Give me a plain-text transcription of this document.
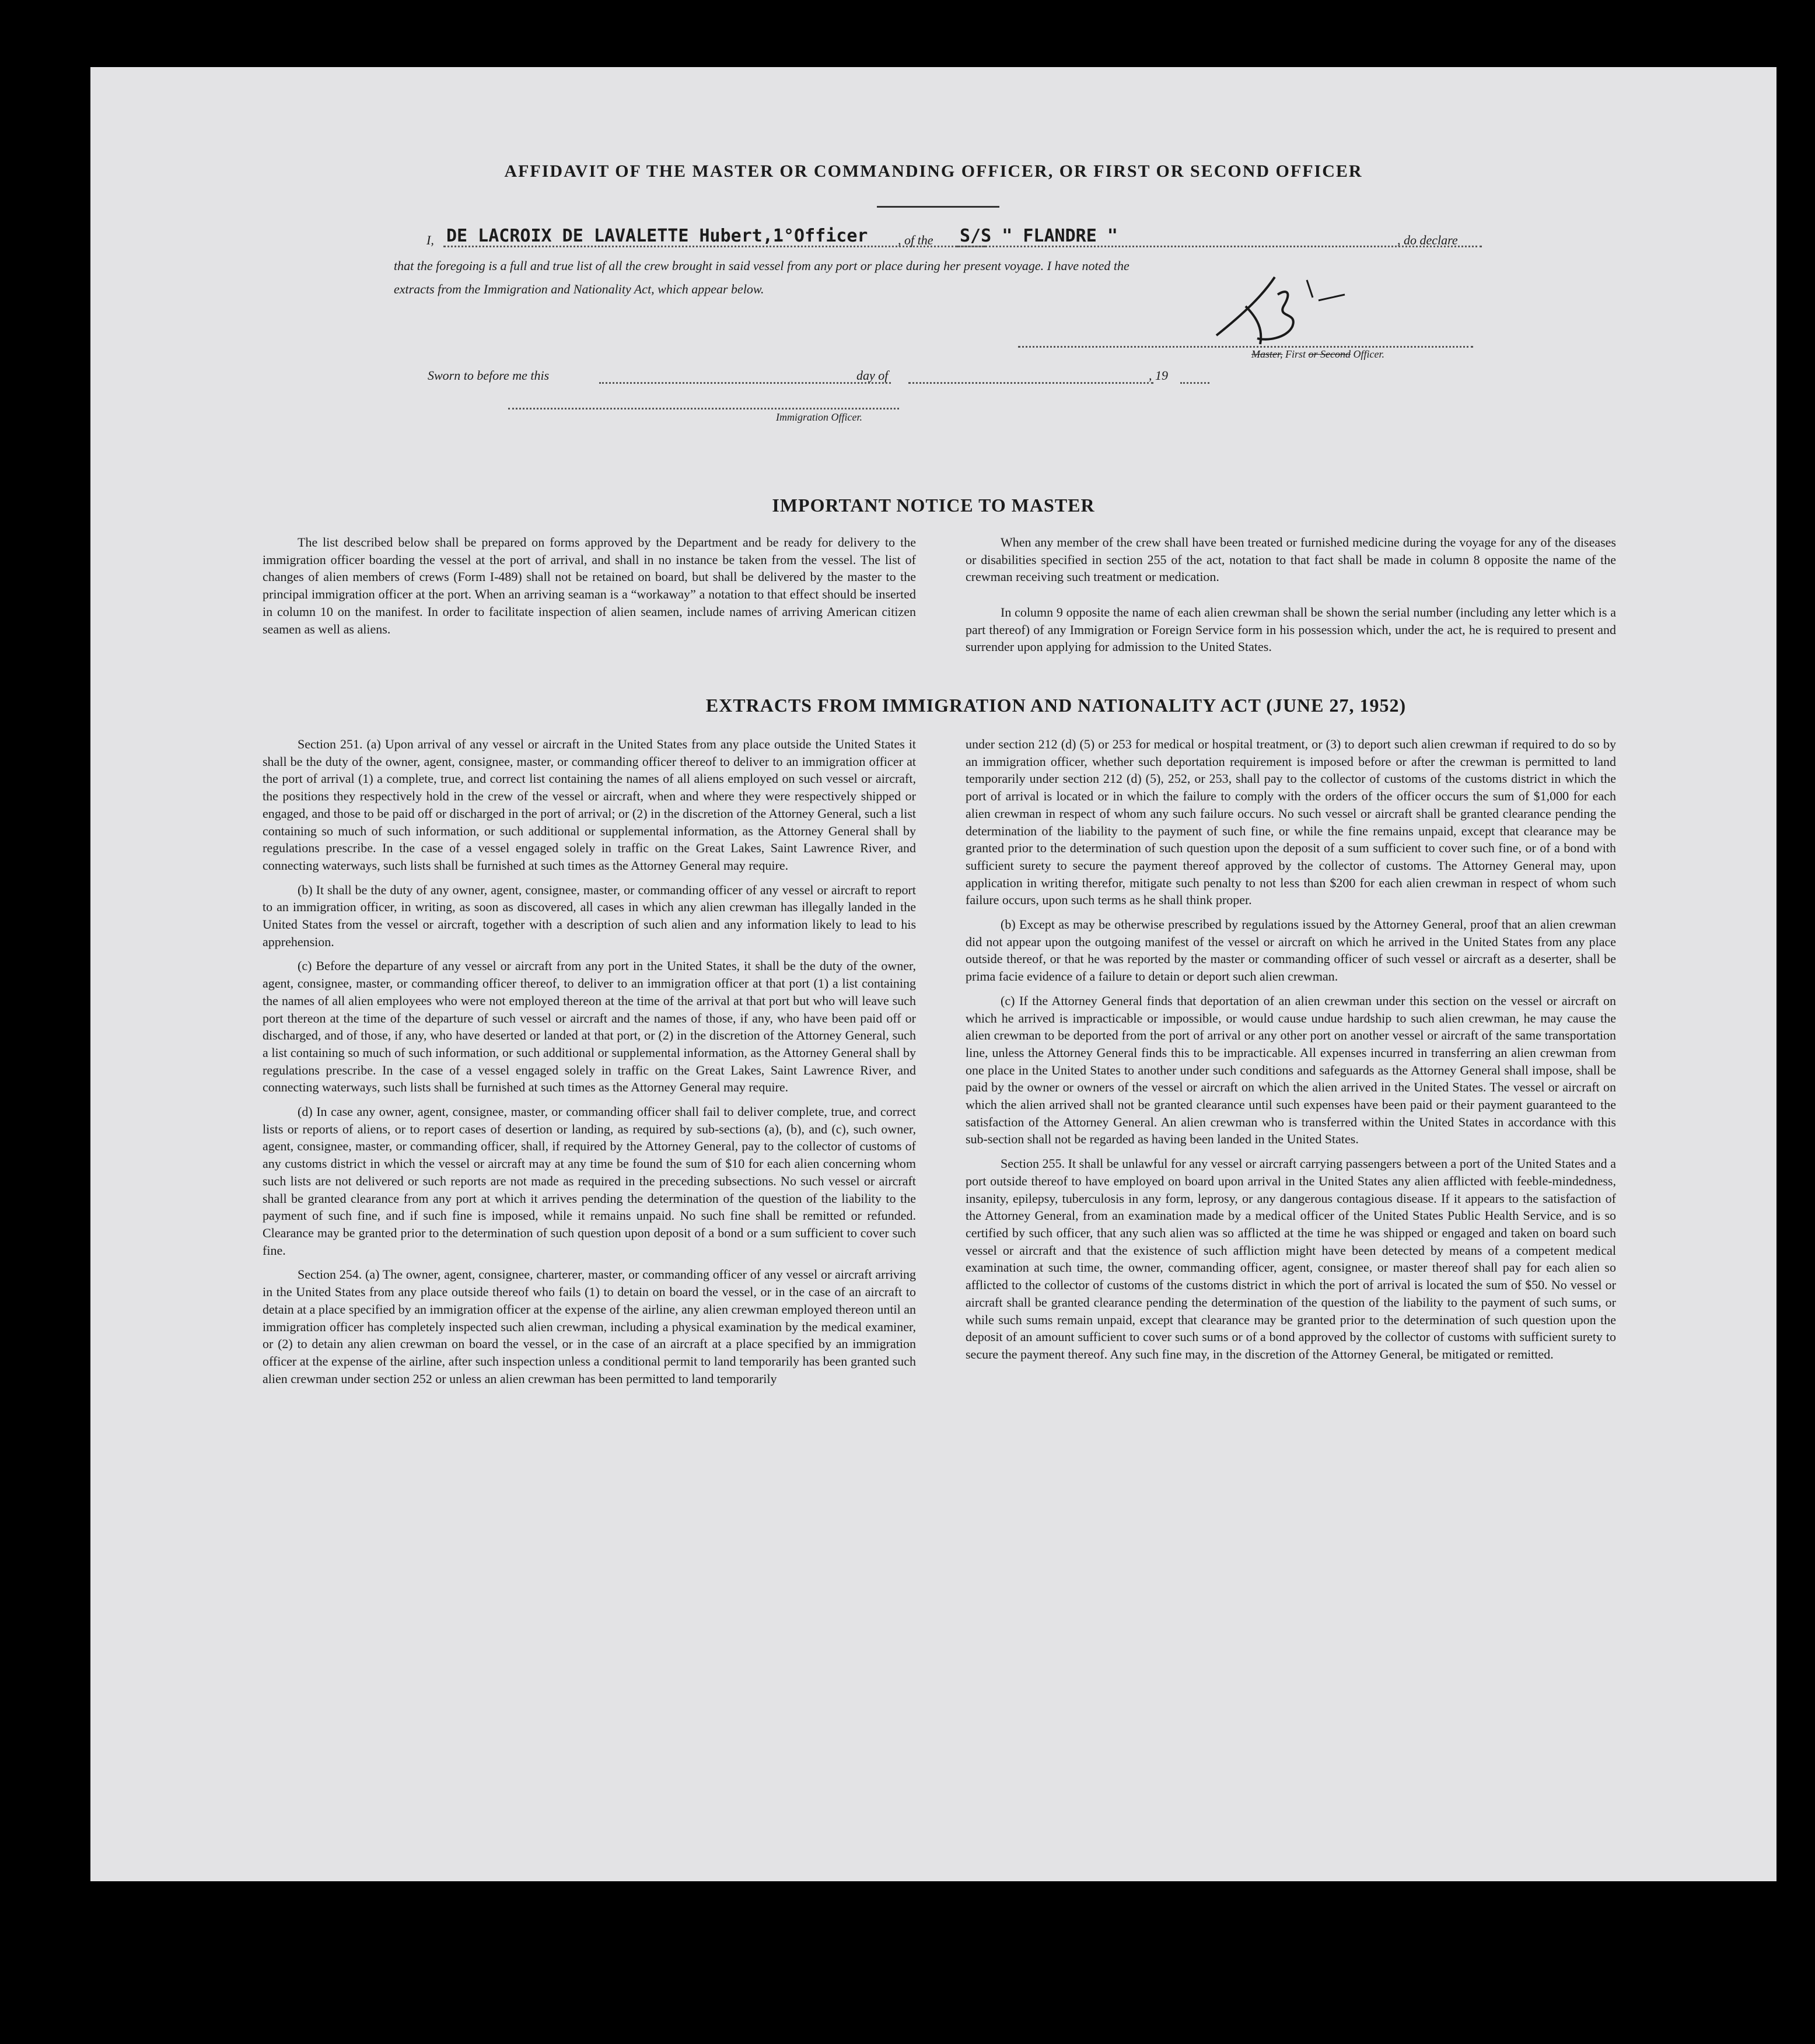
AFFIDAVIT OF THE MASTER OR COMMANDING OFFICER, OR FIRST OR SECOND OFFICER
I, DE LACROIX DE LAVALETTE Hubert,1°Officer , of the S/S " FLANDRE "	, do declare
that the foregoing is a full and true list of all the crew brought in said vessel from any port or place during her present voyage. I have noted the
extracts from the Immigration and Nationality Act, which appear below.
Master, First or Second Officer.
Sworn to before me this	day of	, 19
Immigration Officer.
IMPORTANT NOTICE TO MASTER
The list described below shall be prepared on forms approved by the Department and be ready for delivery to the immigration officer boarding the vessel at the port of arrival, and shall in no instance be taken from the vessel. The list of changes of alien members of crews (Form I-489) shall not be retained on board, but shall be delivered by the master to the principal immigration officer at the port. When an arriving seaman is a “workaway” a notation to that effect should be inserted in column 10 on the manifest. In order to facilitate inspection of alien seamen, include names of arriving American citizen seamen as well as aliens.
When any member of the crew shall have been treated or furnished medicine during the voyage for any of the diseases or disabilities specified in section 255 of the act, notation to that fact shall be made in column 8 opposite the name of the crewman receiving such treatment or medication.
In column 9 opposite the name of each alien crewman shall be shown the serial number (including any letter which is a part thereof) of any Immigration or Foreign Service form in his possession which, under the act, he is required to present and surrender upon applying for admission to the United States.
EXTRACTS FROM IMMIGRATION AND NATIONALITY ACT (JUNE 27, 1952)

Section 251. (a) Upon arrival of any vessel or aircraft in the United States from any place outside the United States it shall be the duty of the owner, agent, consignee, master, or commanding officer thereof to deliver to an immigration officer at the port of arrival (1) a complete, true, and correct list containing the names of all aliens employed on such vessel or aircraft, the positions they respectively hold in the crew of the vessel or aircraft, when and where they were respectively shipped or engaged, and those to be paid off or discharged in the port of arrival; or (2) in the discretion of the Attorney General, such a list containing so much of such information, or such additional or supplemental information, as the Attorney General shall by regulations prescribe. In the case of a vessel engaged solely in traffic on the Great Lakes, Saint Lawrence River, and connecting waterways, such lists shall be furnished at such times as the Attorney General may require.

(b) It shall be the duty of any owner, agent, consignee, master, or commanding officer of any vessel or aircraft to report to an immigration officer, in writing, as soon as discovered, all cases in which any alien crewman has illegally landed in the United States from the vessel or aircraft, together with a description of such alien and any information likely to lead to his apprehension.

(c) Before the departure of any vessel or aircraft from any port in the United States, it shall be the duty of the owner, agent, consignee, master, or commanding officer thereof, to deliver to an immigration officer at that port (1) a list containing the names of all alien employees who were not employed thereon at the time of the arrival at that port but who will leave such port thereon at the time of the departure of such vessel or aircraft and the names of those, if any, who have been paid off or discharged, and of those, if any, who have deserted or landed at that port, or (2) in the discretion of the Attorney General, such a list containing so much of such information, or such additional or supplemental information, as the Attorney General shall by regulations prescribe. In the case of a vessel engaged solely in traffic on the Great Lakes, Saint Lawrence River, and connecting waterways, such lists shall be furnished at such times as the Attorney General may require.

(d) In case any owner, agent, consignee, master, or commanding officer shall fail to deliver complete, true, and correct lists or reports of aliens, or to report cases of desertion or landing, as required by sub-sections (a), (b), and (c), such owner, agent, consignee, master, or commanding officer, shall, if required by the Attorney General, pay to the collector of customs of any customs district in which the vessel or aircraft may at any time be found the sum of $10 for each alien concerning whom such lists are not delivered or such reports are not made as required in the preceding subsections. No such vessel or aircraft shall be granted clearance from any port at which it arrives pending the determination of the question of the liability to the payment of such fine, and if such fine is imposed, while it remains unpaid. No such fine shall be remitted or refunded. Clearance may be granted prior to the determination of such question upon deposit of a bond or a sum sufficient to cover such fine.

Section 254. (a) The owner, agent, consignee, charterer, master, or commanding officer of any vessel or aircraft arriving in the United States from any place outside thereof who fails (1) to detain on board the vessel, or in the case of an aircraft to detain at a place specified by an immigration officer at the expense of the airline, any alien crewman employed thereon until an immigration officer has completely inspected such alien crewman, including a physical examination by the medical examiner, or (2) to detain any alien crewman on board the vessel, or in the case of an aircraft at a place specified by an immigration officer at the expense of the airline, after such inspection unless a conditional permit to land temporarily has been granted such alien crewman under section 252 or unless an alien crewman has been permitted to land temporarily

under section 212 (d) (5) or 253 for medical or hospital treatment, or (3) to deport such alien crewman if required to do so by an immigration officer, whether such deportation requirement is imposed before or after the crewman is permitted to land temporarily under section 212 (d) (5), 252, or 253, shall pay to the collector of customs of the customs district in which the port of arrival is located or in which the failure to comply with the orders of the officer occurs the sum of $1,000 for each alien crewman in respect of whom any such failure occurs. No such vessel or aircraft shall be granted clearance pending the determination of the liability to the payment of such fine, or while the fine remains unpaid, except that clearance may be granted prior to the determination of such question upon the deposit of a sum sufficient to cover such fine, or of a bond with sufficient surety to secure the payment thereof approved by the collector of customs. The Attorney General may, upon application in writing therefor, mitigate such penalty to not less than $200 for each alien crewman in respect of whom such failure occurs, upon such terms as he shall think proper.

(b) Except as may be otherwise prescribed by regulations issued by the Attorney General, proof that an alien crewman did not appear upon the outgoing manifest of the vessel or aircraft on which he arrived in the United States from any place outside thereof, or that he was reported by the master or commanding officer of such vessel or aircraft as a deserter, shall be prima facie evidence of a failure to detain or deport such alien crewman.

(c) If the Attorney General finds that deportation of an alien crewman under this section on the vessel or aircraft on which he arrived is impracticable or impossible, or would cause undue hardship to such alien crewman, he may cause the alien crewman to be deported from the port of arrival or any other port on another vessel or aircraft of the same transportation line, unless the Attorney General finds this to be impracticable. All expenses incurred in transferring an alien crewman from one place in the United States to another under such conditions and safeguards as the Attorney General shall impose, shall be paid by the owner or owners of the vessel or aircraft on which the alien arrived in the United States. The vessel or aircraft on which the alien arrived shall not be granted clearance until such expenses have been paid or their payment guaranteed to the satisfaction of the Attorney General. An alien crewman who is transferred within the United States in accordance with this sub-section shall not be regarded as having been landed in the United States.

Section 255. It shall be unlawful for any vessel or aircraft carrying passengers between a port of the United States and a port outside thereof to have employed on board upon arrival in the United States any alien afflicted with feeble-mindedness, insanity, epilepsy, tuberculosis in any form, leprosy, or any dangerous contagious disease. If it appears to the satisfaction of the Attorney General, from an examination made by a medical officer of the United States Public Health Service, and is so certified by such officer, that any such alien was so afflicted at the time he was shipped or engaged and taken on board such vessel or aircraft and that the existence of such affliction might have been detected by means of a competent medical examination at such time, the owner, commanding officer, agent, consignee, or master thereof shall pay for each alien so afflicted to the collector of customs of the customs district in which the port of arrival is located the sum of $50. No vessel or aircraft shall be granted clearance pending the determination of the question of the liability to the payment of such sums, or while such sums remain unpaid, except that clearance may be granted prior to the determination of such question upon the deposit of an amount sufficient to cover such sums or of a bond approved by the collector of customs with sufficient surety to secure the payment thereof. Any such fine may, in the discretion of the Attorney General, be mitigated or remitted.
